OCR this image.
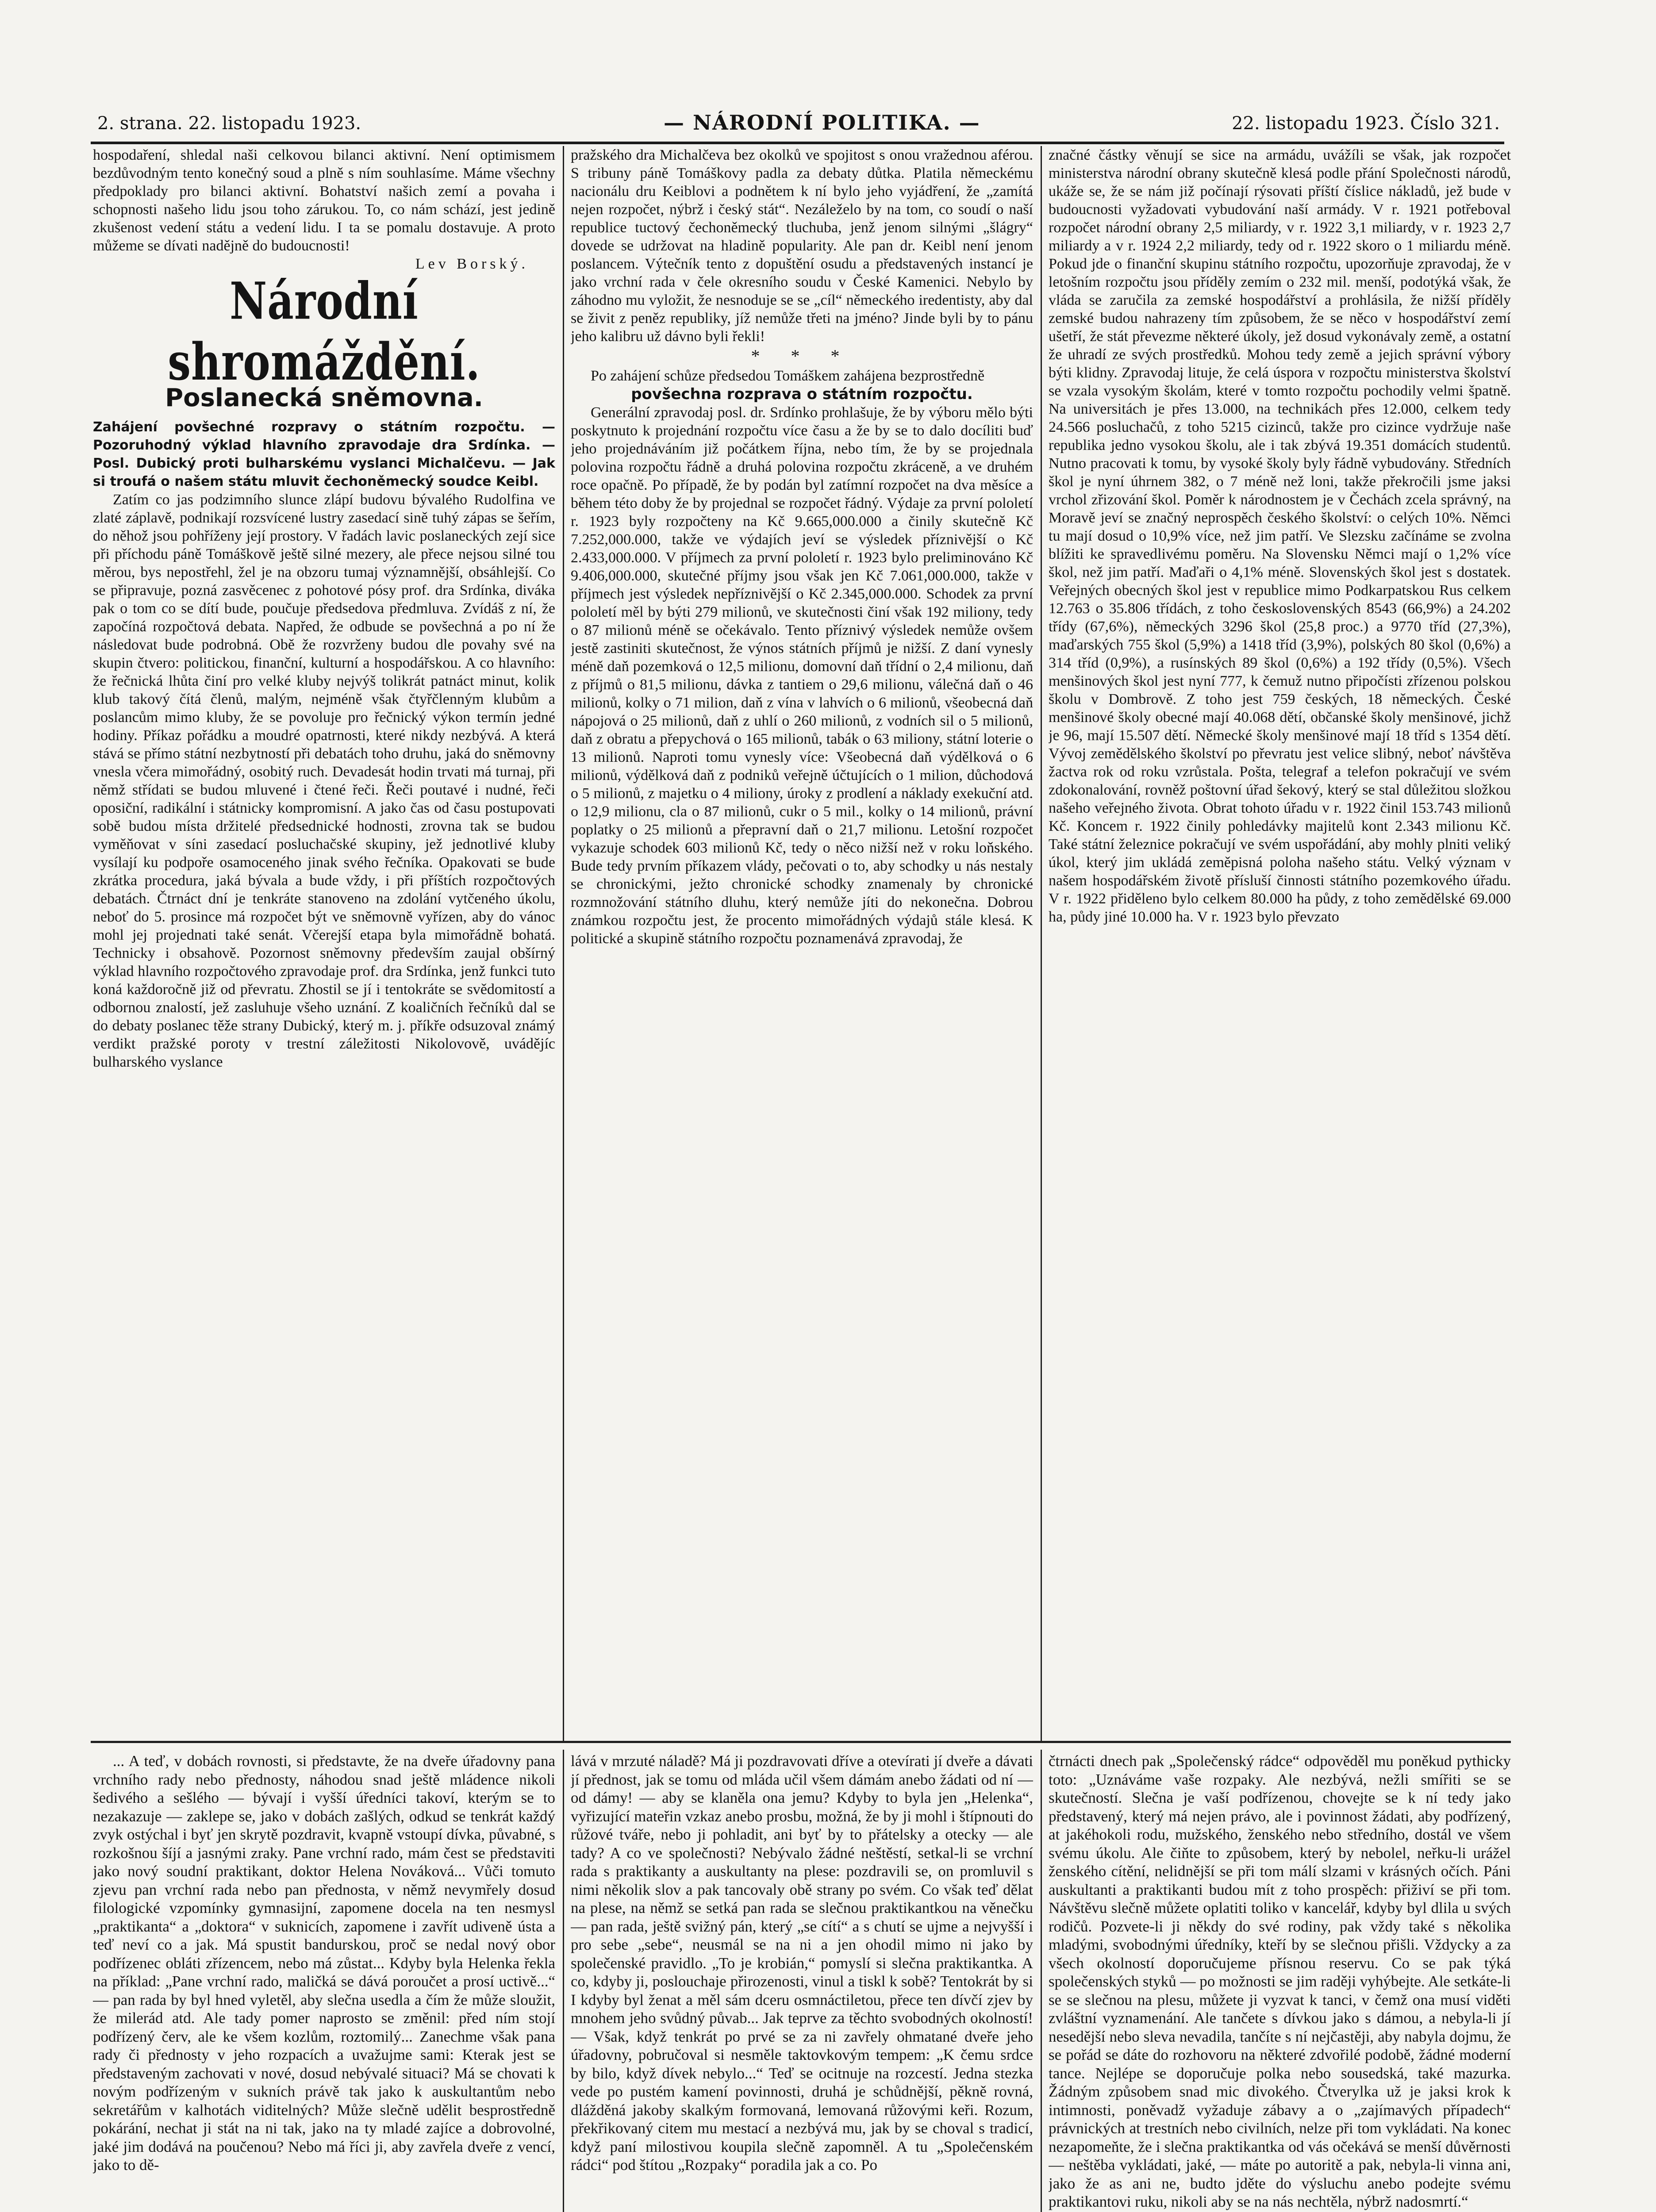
2. strana. 22. listopadu 1923.	— NÁRODNÍ POLITIKA. —	22. listopadu 1923. Číslo 321.

hospodaření, shledal naši celkovou bilanci aktivní. Není optimismem bezdůvodným tento konečný soud a plně s ním souhlasíme. Máme všechny předpoklady pro bilanci aktivní. Bohatství našich zemí a povaha i schopnosti našeho lidu jsou toho zárukou. To, co nám schází, jest jedině zkušenost vedení státu a vedení lidu. I ta se pomalu dostavuje. A proto můžeme se dívati nadějně do budoucnosti!

Lev Borský.
Národní shromáždění.
Poslanecká sněmovna.
Zahájení povšechné rozpravy o státním rozpočtu. — Pozoruhodný výklad hlavního zpravodaje dra Srdínka. — Posl. Dubický proti bulharskému vyslanci Michalčevu. — Jak si troufá o našem státu mluvit čechoněmecký soudce Keibl.

Zatím co jas podzimního slunce zlápí budovu bývalého Rudolfina ve zlaté záplavě, podnikají rozsvícené lustry zasedací sině tuhý zápas se šeřím, do něhož jsou pohříženy její prostory. V řadách lavic poslaneckých zejí sice při příchodu páně Tomáškově ještě silné mezery, ale přece nejsou silné tou měrou, bys nepostřehl, žel je na obzoru tumaj významnější, obsáhlejší. Co se připravuje, pozná zasvěcenec z pohotové pósy prof. dra Srdínka, diváka pak o tom co se dítí bude, poučuje předsedova předmluva. Zvídáš z ní, že započíná rozpočtová debata. Napřed, že odbude se povšechná a po ní že následovat bude podrobná. Obě že rozvrženy budou dle povahy své na skupin čtvero: politickou, finanční, kulturní a hospodářskou. A co hlavního: že řečnická lhůta činí pro velké kluby nejvýš tolikrát patnáct minut, kolik klub takový čítá členů, malým, nejméně však čtyřčlenným klubům a poslancům mimo kluby, že se povoluje pro řečnický výkon termín jedné hodiny. Příkaz pořádku a moudré opatrnosti, které nikdy nezbývá. A která stává se přímo státní nezbytností při debatách toho druhu, jaká do sněmovny vnesla včera mimořádný, osobitý ruch. Devadesát hodin trvati má turnaj, při němž střídati se budou mluvené i čtené řeči. Řeči poutavé i nudné, řeči oposiční, radikální i státnicky kompromisní. A jako čas od času postupovati sobě budou místa držitelé předsednické hodnosti, zrovna tak se budou vyměňovat v síni zasedací posluchačské skupiny, jež jednotlivé kluby vysílají ku podpoře osamoceného jinak svého řečníka. Opakovati se bude zkrátka procedura, jaká bývala a bude vždy, i při příštích rozpočtových debatách. Čtrnáct dní je tenkráte stanoveno na zdolání vytčeného úkolu, neboť do 5. prosince má rozpočet být ve sněmovně vyřízen, aby do vánoc mohl jej projednati také senát. Včerejší etapa byla mimořádně bohatá. Technicky i obsahově. Pozornost sněmovny především zaujal obšírný výklad hlavního rozpočtového zpravodaje prof. dra Srdínka, jenž funkci tuto koná každoročně již od převratu. Zhostil se jí i tentokráte se svědomitostí a odbornou znalostí, jež zasluhuje všeho uznání. Z koaličních řečníků dal se do debaty poslanec těže strany Dubický, který m. j. příkře odsuzoval známý verdikt pražské poroty v trestní záležitosti Nikolovově, uvádějíc bulharského vyslance

pražského dra Michalčeva bez okolků ve spojitost s onou vražednou aférou. S tribuny páně Tomáškovy padla za debaty důtka. Platila německému nacionálu dru Keiblovi a podnětem k ní bylo jeho vyjádření, že „zamítá nejen rozpočet, nýbrž i český stát“. Nezáleželo by na tom, co soudí o naší republice tuctový čechoněmecký tluchuba, jenž jenom silnými „šlágry“ dovede se udržovat na hladině popularity. Ale pan dr. Keibl není jenom poslancem. Výtečník tento z dopuštění osudu a představených instancí je jako vrchní rada v čele okresního soudu v České Kamenici. Nebylo by záhodno mu vyložit, že nesnoduje se se „cíl“ německého iredentisty, aby dal se živit z peněz republiky, jíž nemůže třeti na jméno? Jinde byli by to pánu jeho kalibru už dávno byli řekli!

* * *

Po zahájení schůze předsedou Tomáškem zahájena bezprostředně

povšechna rozprava o státním rozpočtu.

Generální zpravodaj posl. dr. Srdínko prohlašuje, že by výboru mělo býti poskytnuto k projednání rozpočtu více času a že by se to dalo docíliti buď jeho projednáváním již počátkem října, nebo tím, že by se projednala polovina rozpočtu řádně a druhá polovina rozpočtu zkráceně, a ve druhém roce opačně. Po případě, že by podán byl zatímní rozpočet na dva měsíce a během této doby že by projednal se rozpočet řádný. Výdaje za první pololetí r. 1923 byly rozpočteny na Kč 9.665,000.000 a činily skutečně Kč 7.252,000.000, takže ve výdajích jeví se výsledek příznivější o Kč 2.433,000.000. V příjmech za první pololetí r. 1923 bylo preliminováno Kč 9.406,000.000, skutečné příjmy jsou však jen Kč 7.061,000.000, takže v příjmech jest výsledek nepříznivější o Kč 2.345,000.000. Schodek za první pololetí měl by býti 279 milionů, ve skutečnosti činí však 192 miliony, tedy o 87 milionů méně se očekávalo. Tento příznivý výsledek nemůže ovšem jestě zastiniti skutečnost, že výnos státních příjmů je nižší. Z daní vynesly méně daň pozemková o 12,5 milionu, domovní daň třídní o 2,4 milionu, daň z příjmů o 81,5 milionu, dávka z tantiem o 29,6 milionu, válečná daň o 46 milionů, kolky o 71 milion, daň z vína v lahvích o 6 milionů, všeobecná daň nápojová o 25 milionů, daň z uhlí o 260 milionů, z vodních sil o 5 milionů, daň z obratu a přepychová o 165 milionů, tabák o 63 miliony, státní loterie o 13 milionů. Naproti tomu vynesly více: Všeobecná daň výdělková o 6 milionů, výdělková daň z podniků veřejně účtujících o 1 milion, důchodová o 5 milionů, z majetku o 4 miliony, úroky z prodlení a náklady exekuční atd. o 12,9 milionu, cla o 87 milionů, cukr o 5 mil., kolky o 14 milionů, právní poplatky o 25 milionů a přepravní daň o 21,7 milionu. Letošní rozpočet vykazuje schodek 603 milionů Kč, tedy o něco nižší než v roku loňského. Bude tedy prvním příkazem vlády, pečovati o to, aby schodky u nás nestaly se chronickými, ježto chronické schodky znamenaly by chronické rozmnožování státního dluhu, který nemůže jíti do nekonečna. Dobrou známkou rozpočtu jest, že procento mimořádných výdajů stále klesá. K politické a skupině státního rozpočtu poznamenává zpravodaj, že

značné částky věnují se sice na armádu, uvážíli se však, jak rozpočet ministerstva národní obrany skutečně klesá podle přání Společnosti národů, ukáže se, že se nám již počínají rýsovati příští číslice nákladů, jež bude v budoucnosti vyžadovati vybudování naší armády. V r. 1921 potřeboval rozpočet národní obrany 2,5 miliardy, v r. 1922 3,1 miliardy, v r. 1923 2,7 miliardy a v r. 1924 2,2 miliardy, tedy od r. 1922 skoro o 1 miliardu méně. Pokud jde o finanční skupinu státního rozpočtu, upozorňuje zpravodaj, že v letošním rozpočtu jsou příděly zemím o 232 mil. menší, podotýká však, že vláda se zaručila za zemské hospodářství a prohlásila, že nižší příděly zemské budou nahrazeny tím způsobem, že se něco v hospodářství zemí ušetří, že stát převezme některé úkoly, jež dosud vykonávaly země, a ostatní že uhradí ze svých prostředků. Mohou tedy země a jejich správní výbory býti klidny. Zpravodaj lituje, že celá úspora v rozpočtu ministerstva školství se vzala vysokým školám, které v tomto rozpočtu pochodily velmi špatně. Na universitách je přes 13.000, na technikách přes 12.000, celkem tedy 24.566 posluchačů, z toho 5215 cizinců, takže pro cizince vydržuje naše republika jedno vysokou školu, ale i tak zbývá 19.351 domácích studentů. Nutno pracovati k tomu, by vysoké školy byly řádně vybudovány. Středních škol je nyní úhrnem 382, o 7 méně než loni, takže překročili jsme jaksi vrchol zřizování škol. Poměr k národnostem je v Čechách zcela správný, na Moravě jeví se značný neprospěch českého školství: o celých 10%. Němci tu mají dosud o 10,9% více, než jim patří. Ve Slezsku začínáme se zvolna blížiti ke spravedlivému poměru. Na Slovensku Němci mají o 1,2% více škol, než jim patří. Maďaři o 4,1% méně. Slovenských škol jest s dostatek. Veřejných obecných škol jest v republice mimo Podkarpatskou Rus celkem 12.763 o 35.806 třídách, z toho československých 8543 (66,9%) a 24.202 třídy (67,6%), německých 3296 škol (25,8 proc.) a 9770 tříd (27,3%), maďarských 755 škol (5,9%) a 1418 tříd (3,9%), polských 80 škol (0,6%) a 314 tříd (0,9%), a rusínských 89 škol (0,6%) a 192 třídy (0,5%). Všech menšinových škol jest nyní 777, k čemuž nutno připočísti zřízenou polskou školu v Dombrově. Z toho jest 759 českých, 18 německých. České menšinové školy obecné mají 40.068 dětí, občanské školy menšinové, jichž je 96, mají 15.507 dětí. Německé školy menšinové mají 18 tříd s 1354 dětí. Vývoj zemědělského školství po převratu jest velice slibný, neboť návštěva žactva rok od roku vzrůstala. Pošta, telegraf a telefon pokračují ve svém zdokonalování, rovněž poštovní úřad šekový, který se stal důležitou složkou našeho veřejného života. Obrat tohoto úřadu v r. 1922 činil 153.743 milionů Kč. Koncem r. 1922 činily pohledávky majitelů kont 2.343 milionu Kč. Také státní železnice pokračují ve svém uspořádání, aby mohly plniti veliký úkol, který jim ukládá zeměpisná poloha našeho státu. Velký význam v našem hospodářském životě přísluší činnosti státního pozemkového úřadu. V r. 1922 přiděleno bylo celkem 80.000 ha půdy, z toho zemědělské 69.000 ha, půdy jiné 10.000 ha. V r. 1923 bylo převzato

... A teď, v dobách rovnosti, si představte, že na dveře úřadovny pana vrchního rady nebo přednosty, náhodou snad ještě mládence nikoli šedivého a sešlého — bývají i vyšší úředníci takoví, kterým se to nezakazuje — zaklepe se, jako v dobách zašlých, odkud se tenkrát každý zvyk ostýchal i byť jen skrytě pozdravit, kvapně vstoupí dívka, půvabné, s rozkošnou šíjí a jasnými zraky. Pane vrchní rado, mám čest se představiti jako nový soudní praktikant, doktor Helena Nováková... Vůči tomuto zjevu pan vrchní rada nebo pan přednosta, v němž nevymřely dosud filologické vzpomínky gymnasijní, zapomene docela na ten nesmysl „praktikanta“ a „doktora“ v suknicích, zapomene i zavřít udiveně ústa a teď neví co a jak. Má spustit bandurskou, proč se nedal nový obor podřízenec obláti zřízencem, nebo má zůstat... Kdyby byla Helenka řekla na příklad: „Pane vrchní rado, maličká se dává poroučet a prosí uctivě...“ — pan rada by byl hned vyletěl, aby slečna usedla a čím že může sloužit, že milerád atd. Ale tady pomer naprosto se změnil: před ním stojí podřízený červ, ale ke všem kozlům, roztomilý... Zaneсhme však pana rady či přednosty v jeho rozpacích a uvažujme sami: Kterak jest se představeným zachovati v nové, dosud nebývalé situaci? Má se chovati k novým podřízeným v sukních právě tak jako k auskultantům nebo sekretářům v kalhotách viditelných? Může slečně udělit besprostředně pokárání, nechat ji stát na ni tak, jako na ty mladé zajíce a dobrovolné, jaké jim dodává na poučenou? Nebo má říci ji, aby zavřela dveře z vencí, jako to dě-

lává v mrzuté náladě? Má ji pozdravovati dříve a otevírati jí dveře a dávati jí přednost, jak se tomu od mláda učil všem dámám anebo žádati od ní — od dámy! — aby se klaněla ona jemu? Kdyby to byla jen „Helenka“, vyřizující mateřin vzkaz anebo prosbu, možná, že by ji mohl i štípnouti do růžové tváře, nebo ji pohladit, ani byť by to přátelsky a otecky — ale tady? A co ve společnosti? Nebývalo žádné neštěstí, setkal-li se vrchní rada s praktikanty a auskultanty na plese: pozdravili se, on promluvil s nimi několik slov a pak tancovaly obě strany po svém. Co však teď dělat na plese, na němž se setká pan rada se slečnou praktikantkou na věnečku — pan rada, ještě svižný pán, který „se cítí“ a s chutí se ujme a nejvyšší i pro sebe „sebe“, neusmál se na ni a jen ohodil mimo ni jako by společenské pravidlo. „To je krobián,“ pomyslí si slečna praktikantka. A co, kdyby ji, poslouchaje přirozenosti, vinul a tiskl k sobě? Tentokrát by si I kdyby byl ženat a měl sám dceru osmnáctiletou, přece ten dívčí zjev by mnohem jeho svůdný půvab... Jak teprve za těchto svobodných okolností! — Však, když tenkrát po prvé se za ni zavřely ohmatané dveře jeho úřadovny, pobručoval si nesměle taktovkovým tempem: „K čemu srdce by bilo, když dívek nebylo...“ Teď se ocitnuje na rozcestí. Jedna stezka vede po pustém kamení povinnosti, druhá je schůdnější, pěkně rovná, dlážděná jakoby skalkým formovaná, lemovaná růžovými keři. Rozum, překřikovaný citem mu mestací a nezbývá mu, jak by se choval s tradicí, když paní milostivou koupila slečně zapomněl. A tu „Společenském rádci“ pod štítou „Rozpaky“ poradila jak a co. Po

čtrnácti dnech pak „Společenský rádce“ odpověděl mu poněkud pythicky toto: „Uznáváme vaše rozpaky. Ale nezbývá, nežli smířiti se se skutečností. Slečna je vaší podřízenou, chovejte se k ní tedy jako představený, který má nejen právo, ale i povinnost žádati, aby podřízený, at jakéhokoli rodu, mužského, ženského nebo středního, dostál ve všem svému úkolu. Ale čiňte to způsobem, který by nebolel, neřku-li urážel ženského cítění, nelidnější se při tom málí slzami v krásných očích. Páni auskultanti a praktikanti budou mít z toho prospěch: přiživí se při tom. Návštěvu slečně můžete oplatiti toliko v kancelář, kdyby byl dlila u svých rodičů. Pozvete-li ji někdy do své rodiny, pak vždy také s několika mladými, svobodnými úředníky, kteří by se slečnou přišli. Vždycky a za všech okolností doporučujeme přísnou reservu. Co se pak týká společenských styků — po možnosti se jim raději vyhýbejte. Ale setkáte-li se se slečnou na plesu, můžete ji vyzvat k tanci, v čemž ona musí viděti zvláštní vyznamenání. Ale tančete s dívkou jako s dámou, a nebyla-li jí nesedější nebo sleva nevadila, tančíte s ní nejčastěji, aby nabyla dojmu, že se pořád se dáte do rozhovoru na některé zdvořilé podobě, žádné moderní tance. Nejlépe se doporučuje polka nebo sousedská, také mazurka. Žádným způsobem snad mic divokého. Čtverylka už je jaksi krok k intimnosti, poněvadž vyžaduje zábavy a o „zajímavých případech“ právnických at trestních nebo civilních, nelze při tom vykládati. Na konec nezapomeňte, že i slečna praktikantka od vás očekává se menší důvěrnosti — neštěba vykládati, jaké, — máte po autoritě a pak, nebyla-li vinna ani, jako že as ani ne, budto jděte do výsluchu anebo podejte svému praktikantovi ruku, nikoli aby se na nás nechtěla, nýbrž nadosmrtí.“
